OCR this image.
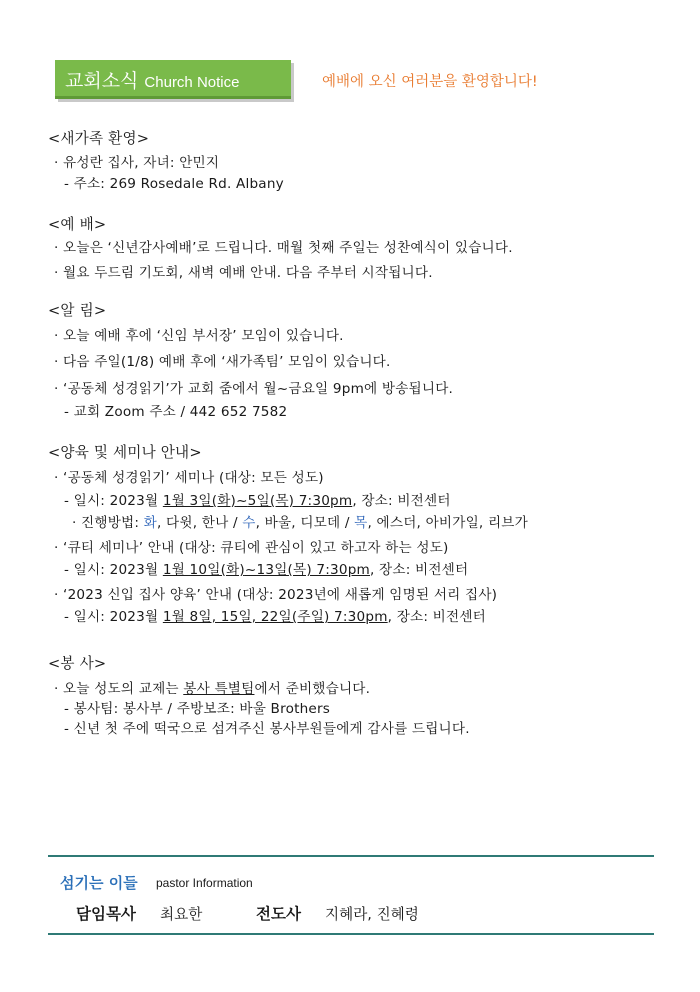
교회소식 Church Notice	예배에 오신 여러분을 환영합니다!
<새가족 환영>
· 유성란 집사, 자녀: 안민지
- 주소: 269 Rosedale Rd. Albany
<예 배>
· 오늘은 ‘신년감사예배’로 드립니다. 매월 첫째 주일는 성찬예식이 있습니다.
· 월요 두드림 기도회, 새벽 예배 안내. 다음 주부터 시작됩니다.
<알 림>
· 오늘 예배 후에 ‘신임 부서장’ 모임이 있습니다.
· 다음 주일(1/8) 예배 후에 ‘새가족팀’ 모임이 있습니다.
· ‘공동체 성경읽기’가 교회 줌에서 월~금요일 9pm에 방송됩니다.
- 교회 Zoom 주소 / 442 652 7582
<양육 및 세미나 안내>
· ‘공동체 성경읽기’ 세미나 (대상: 모든 성도)
- 일시: 2023월 1월 3일(화)~5일(목) 7:30pm, 장소: 비전센터
· 진행방법: 화, 다윗, 한나 / 수, 바울, 디모데 / 목, 에스더, 아비가일, 리브가
· ‘큐티 세미나’ 안내 (대상: 큐티에 관심이 있고 하고자 하는 성도)
- 일시: 2023월 1월 10일(화)~13일(목) 7:30pm, 장소: 비전센터
· ‘2023 신입 집사 양육’ 안내 (대상: 2023년에 새롭게 임명된 서리 집사)
- 일시: 2023월 1월 8일, 15일, 22일(주일) 7:30pm, 장소: 비전센터
<봉 사>
· 오늘 성도의 교제는 봉사 특별팀에서 준비했습니다.
- 봉사팀: 봉사부 / 주방보조: 바울 Brothers
- 신년 첫 주에 떡국으로 섬겨주신 봉사부원들에게 감사를 드립니다.
섬기는 이들 pastor Information
담임목사 최요한	전도사 지혜라, 진혜령
